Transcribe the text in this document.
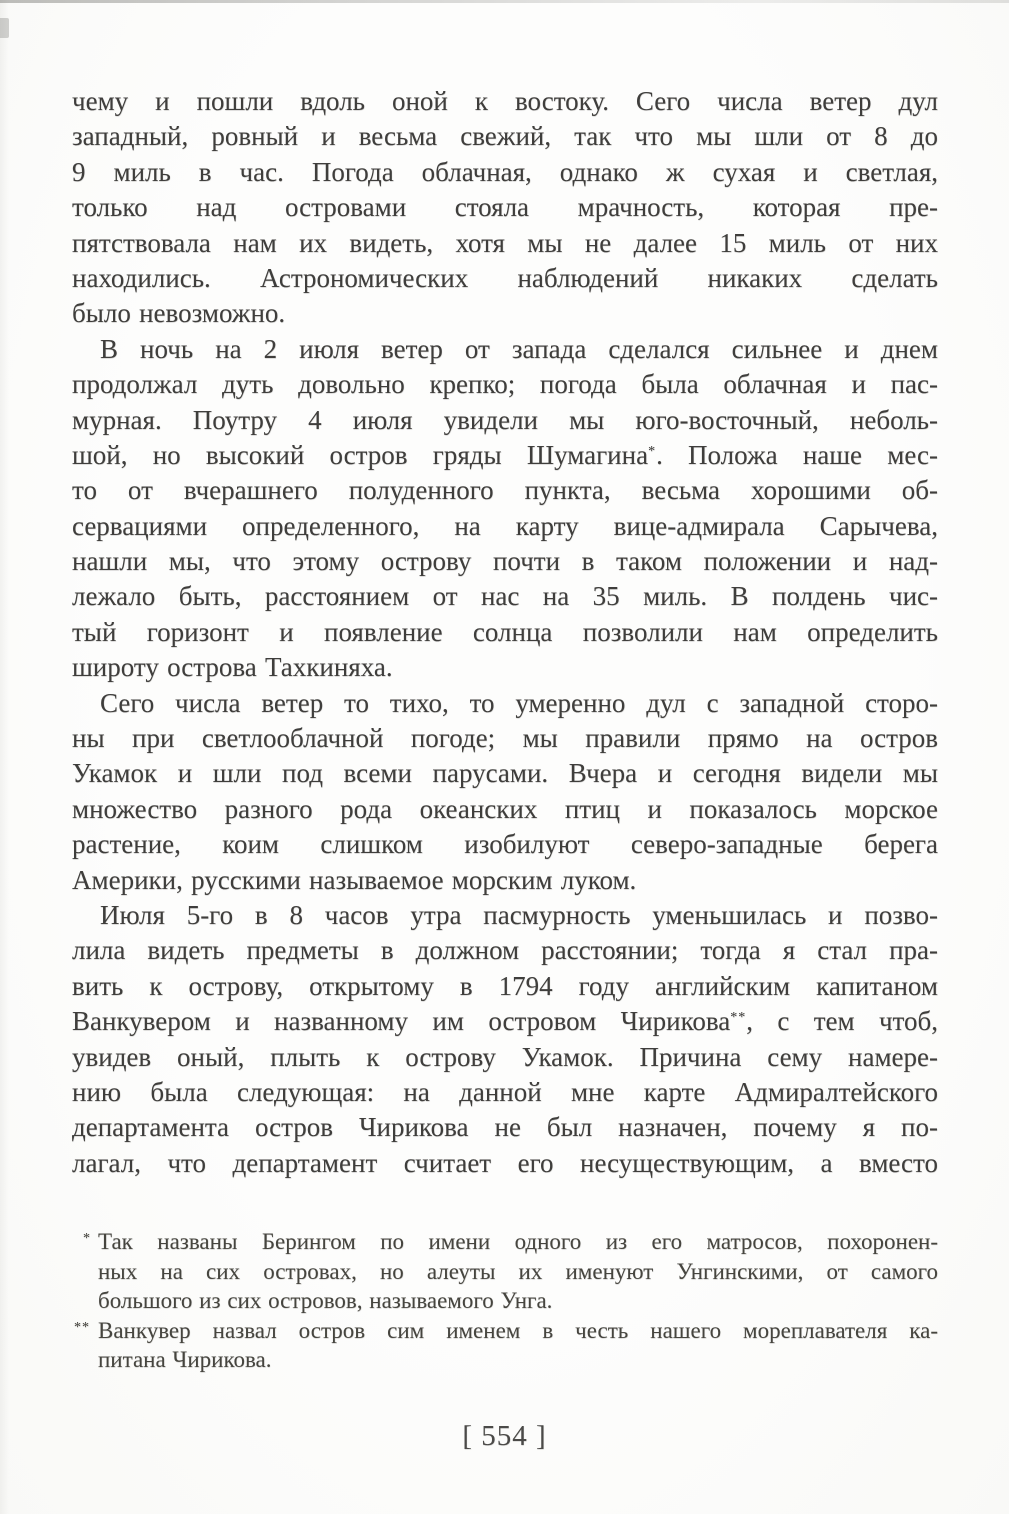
чему и пошли вдоль оной к востоку. Сего числа ветер дул
западный, ровный и весьма свежий, так что мы шли от 8 до
9 миль в час. Погода облачная, однако ж сухая и светлая,
только над островами стояла мрачность, которая пре-
пятствовала нам их видеть, хотя мы не далее 15 миль от них
находились. Астрономических наблюдений никаких сделать
было невозможно.
В ночь на 2 июля ветер от запада сделался сильнее и днем
продолжал дуть довольно крепко; погода была облачная и пас-
мурная. Поутру 4 июля увидели мы юго-восточный, неболь-
шой, но высокий остров гряды Шумагина*. Положа наше мес-
то от вчерашнего полуденного пункта, весьма хорошими об-
сервациями определенного, на карту вице-адмирала Сарычева,
нашли мы, что этому острову почти в таком положении и над-
лежало быть, расстоянием от нас на 35 миль. В полдень чис-
тый горизонт и появление солнца позволили нам определить
широту острова Тахкиняха.
Сего числа ветер то тихо, то умеренно дул с западной сторо-
ны при светлооблачной погоде; мы правили прямо на остров
Укамок и шли под всеми парусами. Вчера и сегодня видели мы
множество разного рода океанских птиц и показалось морское
растение, коим слишком изобилуют северо-западные берега
Америки, русскими называемое морским луком.
Июля 5-го в 8 часов утра пасмурность уменьшилась и позво-
лила видеть предметы в должном расстоянии; тогда я стал пра-
вить к острову, открытому в 1794 году английским капитаном
Ванкувером и названному им островом Чирикова**, с тем чтоб,
увидев оный, плыть к острову Укамок. Причина сему намере-
нию была следующая: на данной мне карте Адмиралтейского
департамента остров Чирикова не был назначен, почему я по-
лагал, что департамент считает его несуществующим, а вместо
Так названы Берингом по имени одного из его матросов, похоронен-
*
ных на сих островах, но алеуты их именуют Унгинскими, от самого
большого из сих островов, называемого Унга.
Ванкувер назвал остров сим именем в честь нашего мореплавателя ка-
**
питана Чирикова.
[ 554 ]
